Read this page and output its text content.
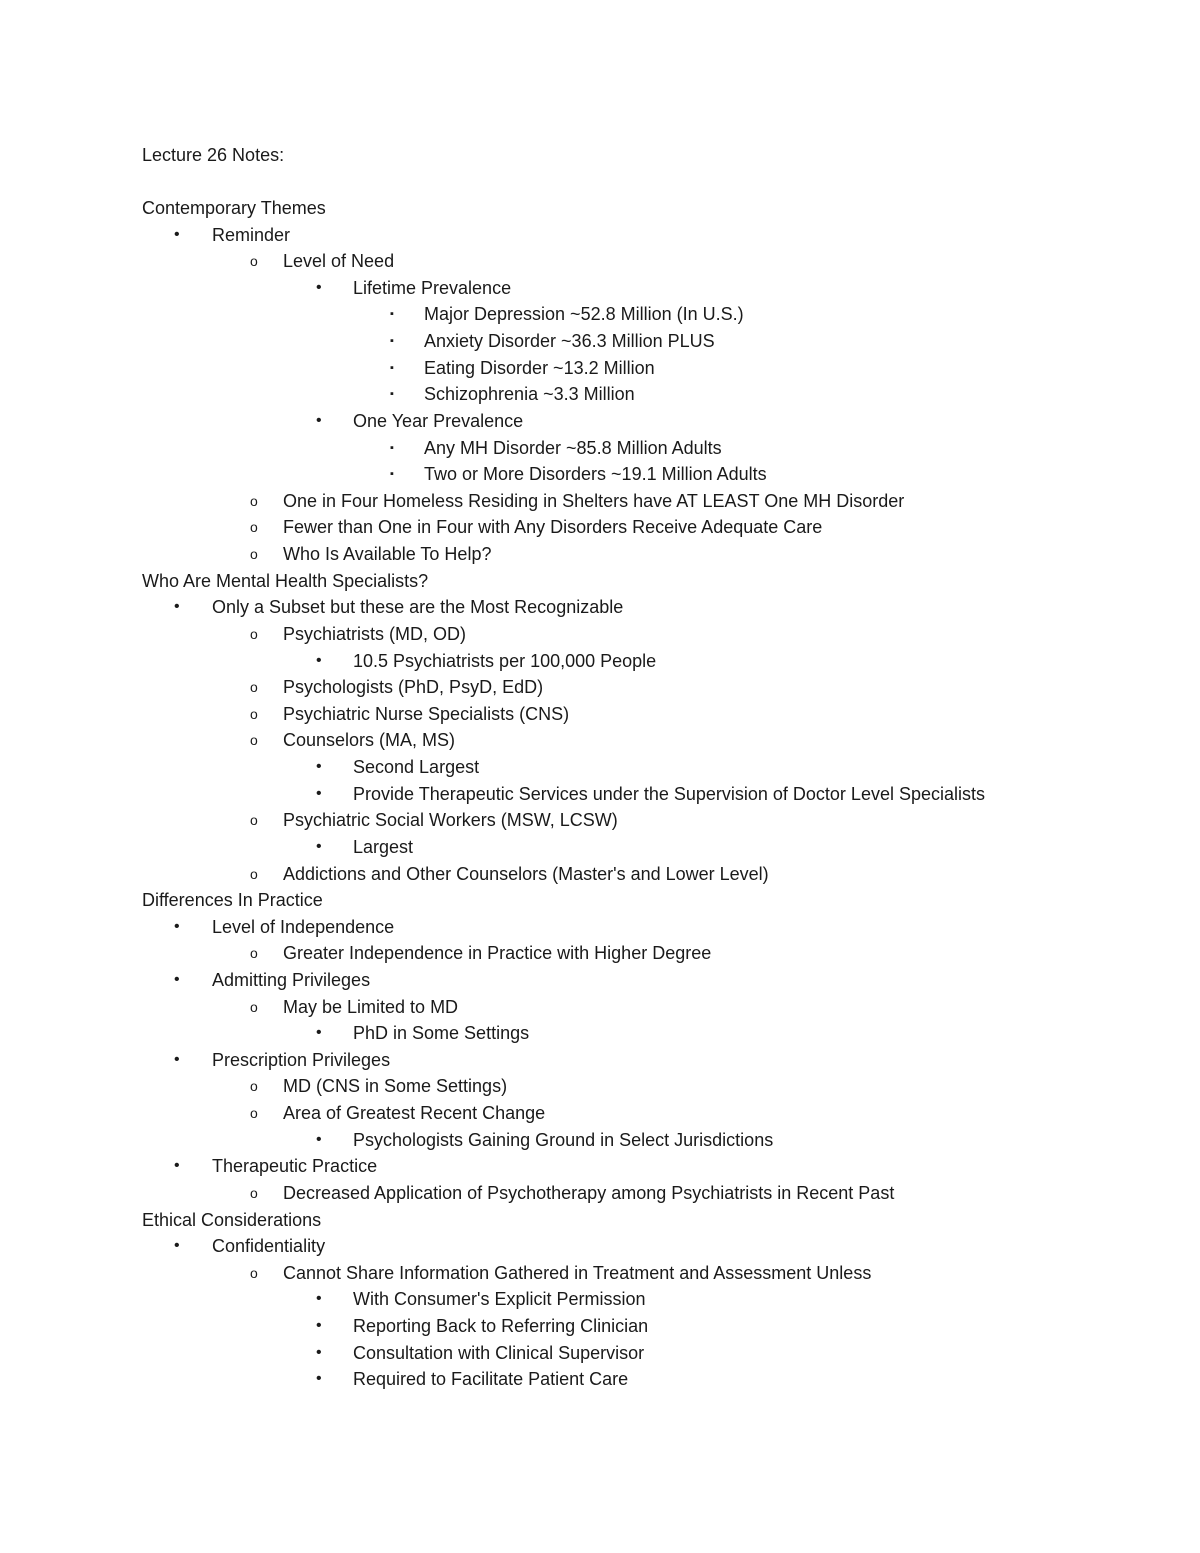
Lecture 26 Notes:
Contemporary Themes
•	Reminder
o	Level of Need
•	Lifetime Prevalence
▪	Major Depression ~52.8 Million (In U.S.)
▪	Anxiety Disorder ~36.3 Million PLUS
▪	Eating Disorder ~13.2 Million
▪	Schizophrenia ~3.3 Million
•	One Year Prevalence
▪	Any MH Disorder ~85.8 Million Adults
▪	Two or More Disorders ~19.1 Million Adults
o	One in Four Homeless Residing in Shelters have AT LEAST One MH Disorder
o	Fewer than One in Four with Any Disorders Receive Adequate Care
o	Who Is Available To Help?
Who Are Mental Health Specialists?
•	Only a Subset but these are the Most Recognizable
o	Psychiatrists (MD, OD)
•	10.5 Psychiatrists per 100,000 People
o	Psychologists (PhD, PsyD, EdD)
o	Psychiatric Nurse Specialists (CNS)
o	Counselors (MA, MS)
•	Second Largest
•	Provide Therapeutic Services under the Supervision of Doctor Level Specialists
o	Psychiatric Social Workers (MSW, LCSW)
•	Largest
o	Addictions and Other Counselors (Master's and Lower Level)
Differences In Practice
•	Level of Independence
o	Greater Independence in Practice with Higher Degree
•	Admitting Privileges
o	May be Limited to MD
•	PhD in Some Settings
•	Prescription Privileges
o	MD (CNS in Some Settings)
o	Area of Greatest Recent Change
•	Psychologists Gaining Ground in Select Jurisdictions
•	Therapeutic Practice
o	Decreased Application of Psychotherapy among Psychiatrists in Recent Past
Ethical Considerations
•	Confidentiality
o	Cannot Share Information Gathered in Treatment and Assessment Unless
•	With Consumer's Explicit Permission
•	Reporting Back to Referring Clinician
•	Consultation with Clinical Supervisor
•	Required to Facilitate Patient Care
